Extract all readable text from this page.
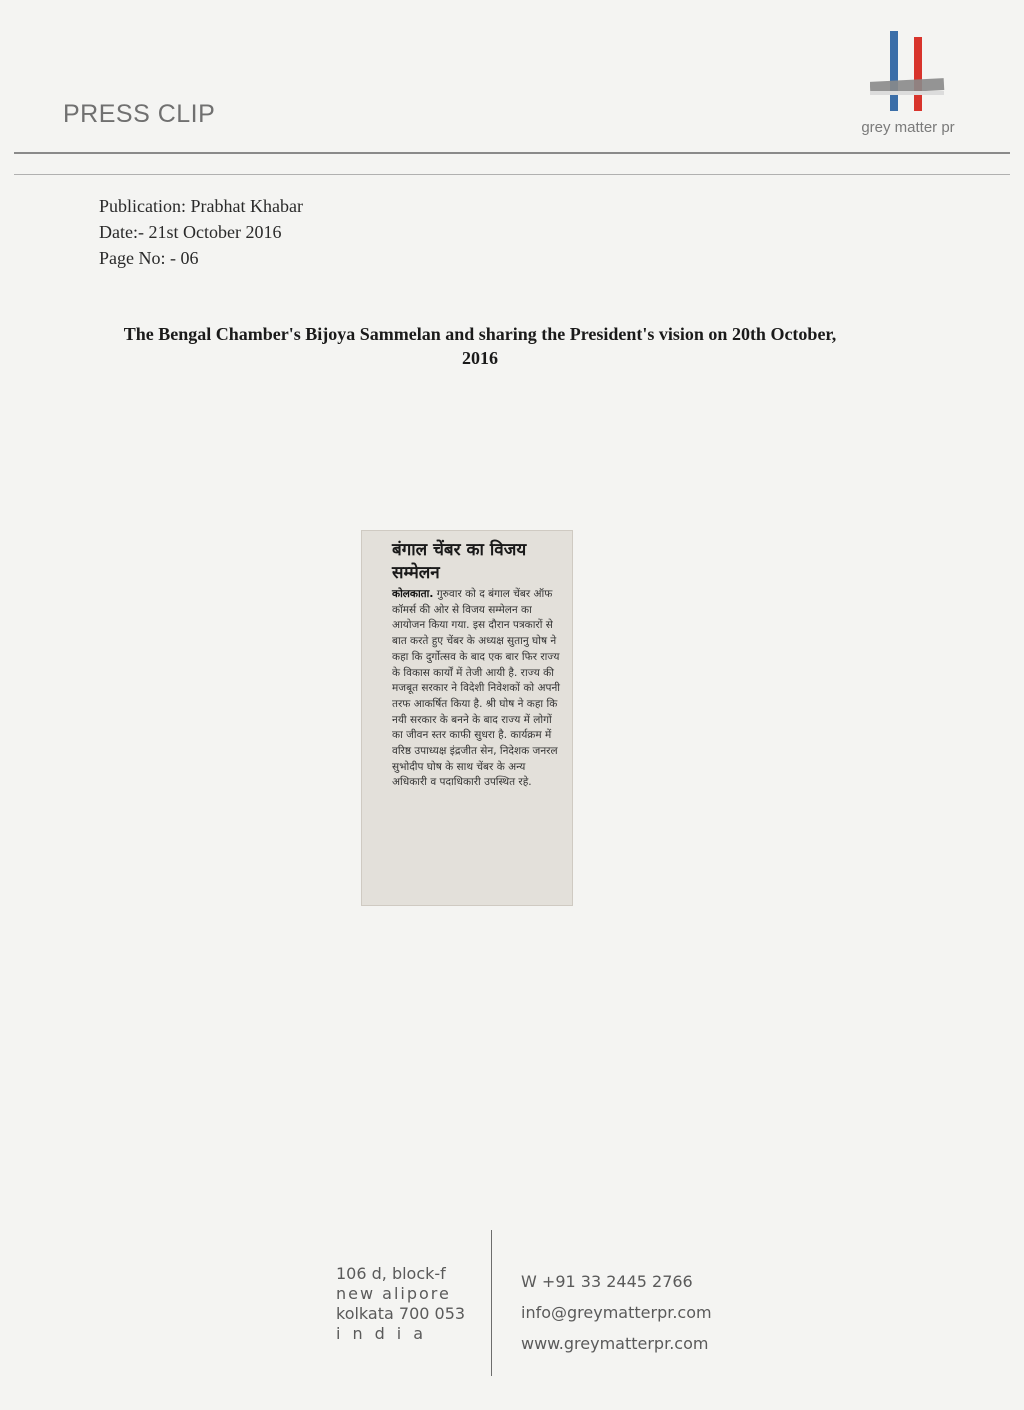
PRESS CLIP	grey matter pr
Publication: Prabhat Khabar
Date:- 21st October 2016
Page No: - 06
The Bengal Chamber's Bijoya Sammelan and sharing the President's vision on 20th October, 2016
बंगाल चेंबर का विजय सम्मेलन
कोलकाता. गुरुवार को द बंगाल चेंबर ऑफ कॉमर्स की ओर से विजय सम्मेलन का आयोजन किया गया. इस दौरान पत्रकारों से बात करते हुए चेंबर के अध्यक्ष सुतानु घोष ने कहा कि दुर्गोत्सव के बाद एक बार फिर राज्य के विकास कार्यों में तेजी आयी है. राज्य की मजबूत सरकार ने विदेशी निवेशकों को अपनी तरफ आकर्षित किया है. श्री घोष ने कहा कि नयी सरकार के बनने के बाद राज्य में लोगों का जीवन स्तर काफी सुधरा है. कार्यक्रम में वरिष्ठ उपाध्यक्ष इंद्रजीत सेन, निदेशक जनरल सुभोदीप घोष के साथ चेंबर के अन्य अधिकारी व पदाधिकारी उपस्थित रहे.
106 d, block-f
new alipore
kolkata 700 053
india
W +91 33 2445 2766
info@greymatterpr.com
www.greymatterpr.com
